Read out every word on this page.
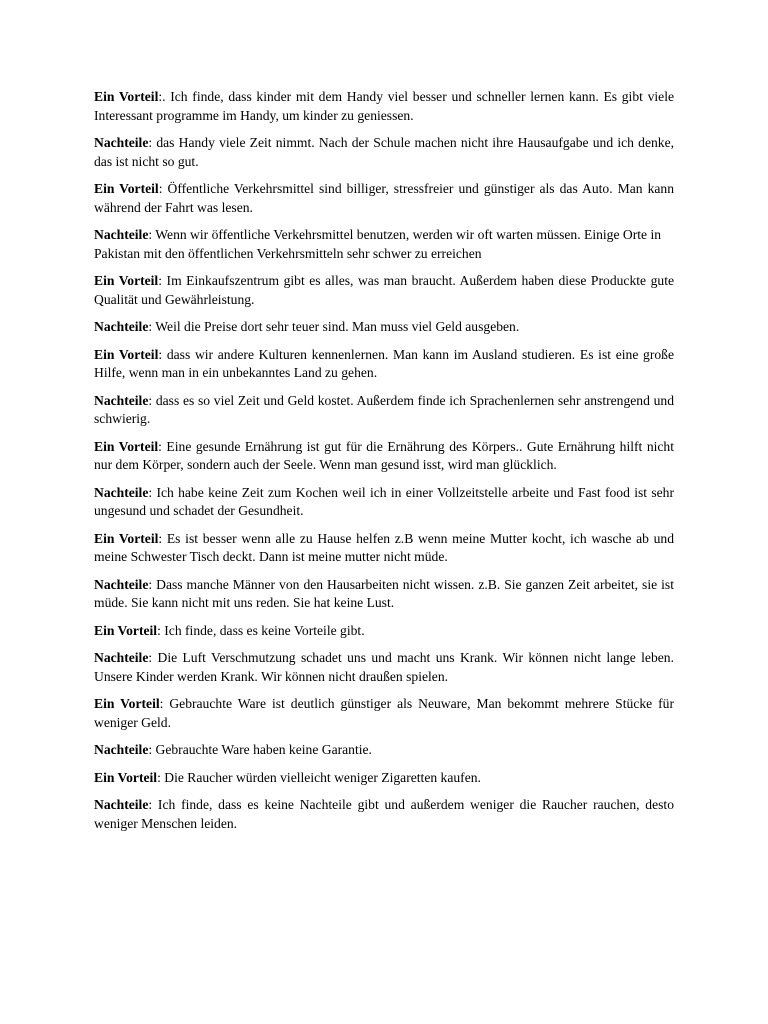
Ein Vorteil:. Ich finde, dass kinder mit dem Handy viel besser und schneller lernen kann. Es gibt viele Interessant programme im Handy, um kinder zu geniessen.

Nachteile: das Handy viele Zeit nimmt. Nach der Schule machen nicht ihre Hausaufgabe und ich denke, das ist nicht so gut.

Ein Vorteil: Öffentliche Verkehrsmittel sind billiger, stressfreier und günstiger als das Auto. Man kann während der Fahrt was lesen.

Nachteile: Wenn wir öffentliche Verkehrsmittel benutzen, werden wir oft warten müssen. Einige Orte in Pakistan mit den öffentlichen Verkehrsmitteln sehr schwer zu erreichen

Ein Vorteil: Im Einkaufszentrum gibt es alles, was man braucht. Außerdem haben diese Produckte gute Qualität und Gewährleistung.

Nachteile: Weil die Preise dort sehr teuer sind. Man muss viel Geld ausgeben.

Ein Vorteil: dass wir andere Kulturen kennenlernen. Man kann im Ausland studieren. Es ist eine große Hilfe, wenn man in ein unbekanntes Land zu gehen.

Nachteile: dass es so viel Zeit und Geld kostet. Außerdem finde ich Sprachenlernen sehr anstrengend und schwierig.

Ein Vorteil: Eine gesunde Ernährung ist gut für die Ernährung des Körpers.. Gute Ernährung hilft nicht nur dem Körper, sondern auch der Seele. Wenn man gesund isst, wird man glücklich.

Nachteile: Ich habe keine Zeit zum Kochen weil ich in einer Vollzeitstelle arbeite und Fast food ist sehr ungesund und schadet der Gesundheit.

Ein Vorteil: Es ist besser wenn alle zu Hause helfen z.B wenn meine Mutter kocht, ich wasche ab und meine Schwester Tisch deckt. Dann ist meine mutter nicht müde.

Nachteile: Dass manche Männer von den Hausarbeiten nicht wissen. z.B. Sie ganzen Zeit arbeitet, sie ist müde. Sie kann nicht mit uns reden. Sie hat keine Lust.

Ein Vorteil: Ich finde, dass es keine Vorteile gibt.

Nachteile: Die Luft Verschmutzung schadet uns und macht uns Krank. Wir können nicht lange leben. Unsere Kinder werden Krank. Wir können nicht draußen spielen.

Ein Vorteil: Gebrauchte Ware ist deutlich günstiger als Neuware, Man bekommt mehrere Stücke für weniger Geld.

Nachteile: Gebrauchte Ware haben keine Garantie.

Ein Vorteil: Die Raucher würden vielleicht weniger Zigaretten kaufen.

Nachteile: Ich finde, dass es keine Nachteile gibt und außerdem weniger die Raucher rauchen, desto weniger Menschen leiden.
